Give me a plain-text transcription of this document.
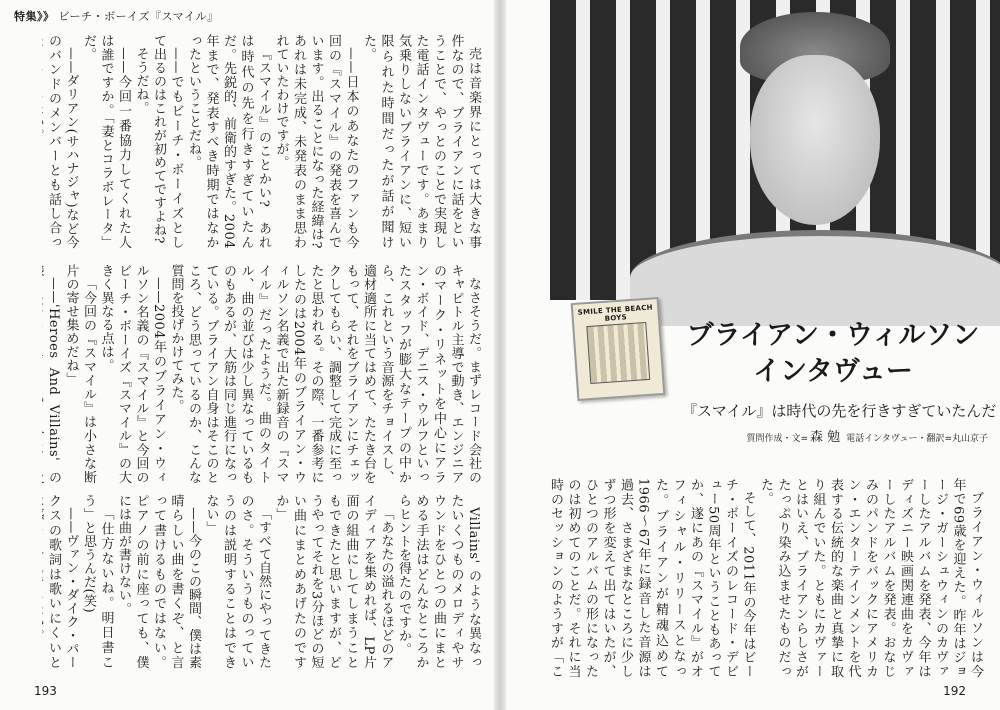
特集》》 ビーチ・ボーイズ『スマイル』

売は音楽界にとっては大きな事件なので、ブライアンに話をということで、やっとのことで実現した電話インタヴューです。あまり気乗りしないブライアンに、短い限られた時間だったが話が聞けた。

——日本のあなたのファンも今回の『スマイル』の発表を喜んでいます。出ることになった経緯は?　あれは未完成、未発表のまま思われていたわけですが。

『スマイル』のことかい?　あれは時代の先を行きすぎていたんだ。先鋭的、前衛的すぎた。2004年まで、発表すべき時期ではなかったということだね。

——でもビーチ・ボーイズとして出るのはこれが初めてですよね?

そうだね。

——今回一番協力してくれた人は誰ですか。「妻とコラボレータ」だ。

——ダリアン(サハナジャ)など今のバンドのメンバーとも話し合っ

なさそうだ。まずレコード会社のキャピトル主導で動き、エンジニアのマーク・リネットを中心にアラン・ボイド、デニス・ウルフといったスタッフが膨大なテープの中から、これという音源をチョイスし、適材適所に当てはめて、たたき台をもって、それをブライアンにチェックしてもらい、調整して完成に至ったと思われる。その際、一番参考にしたのは2004年のブライアン・ウィルソン名義で出た新録音の『スマイル』だったようだ。曲のタイトル、曲の並びは少し異なっているものもあるが、大筋は同じ進行になっている。ブライアン自身はそこのところ、どう思っているのか、こんな質問を投げかけてみた。

——2004年のブライアン・ウィルソン名義の『スマイル』と今回のビーチ・ボーイズ『スマイル』の大きく異なる点は。

「今回の『スマイル』は小さな断片の寄せ集めだね」

——'Heroes And Villains' の

Villains' のような異なったいくつものメロディやサウンドをひとつの曲にまとめる手法はどんなところからヒントを得たのですか。

「あなたの溢れるほどのアイディアを集めれば、LP片面の組曲にしてしまうこともできたと思いますが、どうやってそれを3分ほどの短い曲にまとめあげたのですか」

「すべて自然にやってきたのさ。そういうものっていうのは説明することはできない」

——今のこの瞬間、僕は素晴らしい曲を書くぞ、と言って書けるものではない。ピアノの前に座っても、僕には曲が書けない。

「仕方ないね。明日書こう」と思うんだ(笑)

——ヴァン・ダイク・パークスの歌詞は歌いにくいと

193
SMILE THE BEACH BOYS
ブライアン・ウィルソン
インタヴュー
『スマイル』は時代の先を行きすぎていたんだ
質問作成・文= 森 勉 電話インタヴュー・翻訳=丸山京子

ブライアン・ウィルソンは今年で69歳を迎えた。昨年はジョージ・ガーシュウィンのカヴァーしたアルバムを発表、今年はディズニー映画関連曲をカヴァーしたアルバムを発表。おなじみのパンドをバックにアメリカン・エンターテインメントを代表する伝統的な楽曲と真摯に取り組んでいた。ともにカヴァーとはいえ、ブライアンらしさがたっぷり染み込ませたものだった。

そして、2011年の今年はビーチ・ボーイズのレコード・デビュー50周年ということもあってか、遂にあの『スマイル』がオフィシャル・リリースとなった。ブライアンが精魂込めて1966〜67年に録音した音源は過去、さまざまなところに少しずつ形を変えて出てはいたが、ひとつのアルバムの形になったのは初めてのことだ。それに当時のセッションのようすが「こ

192
